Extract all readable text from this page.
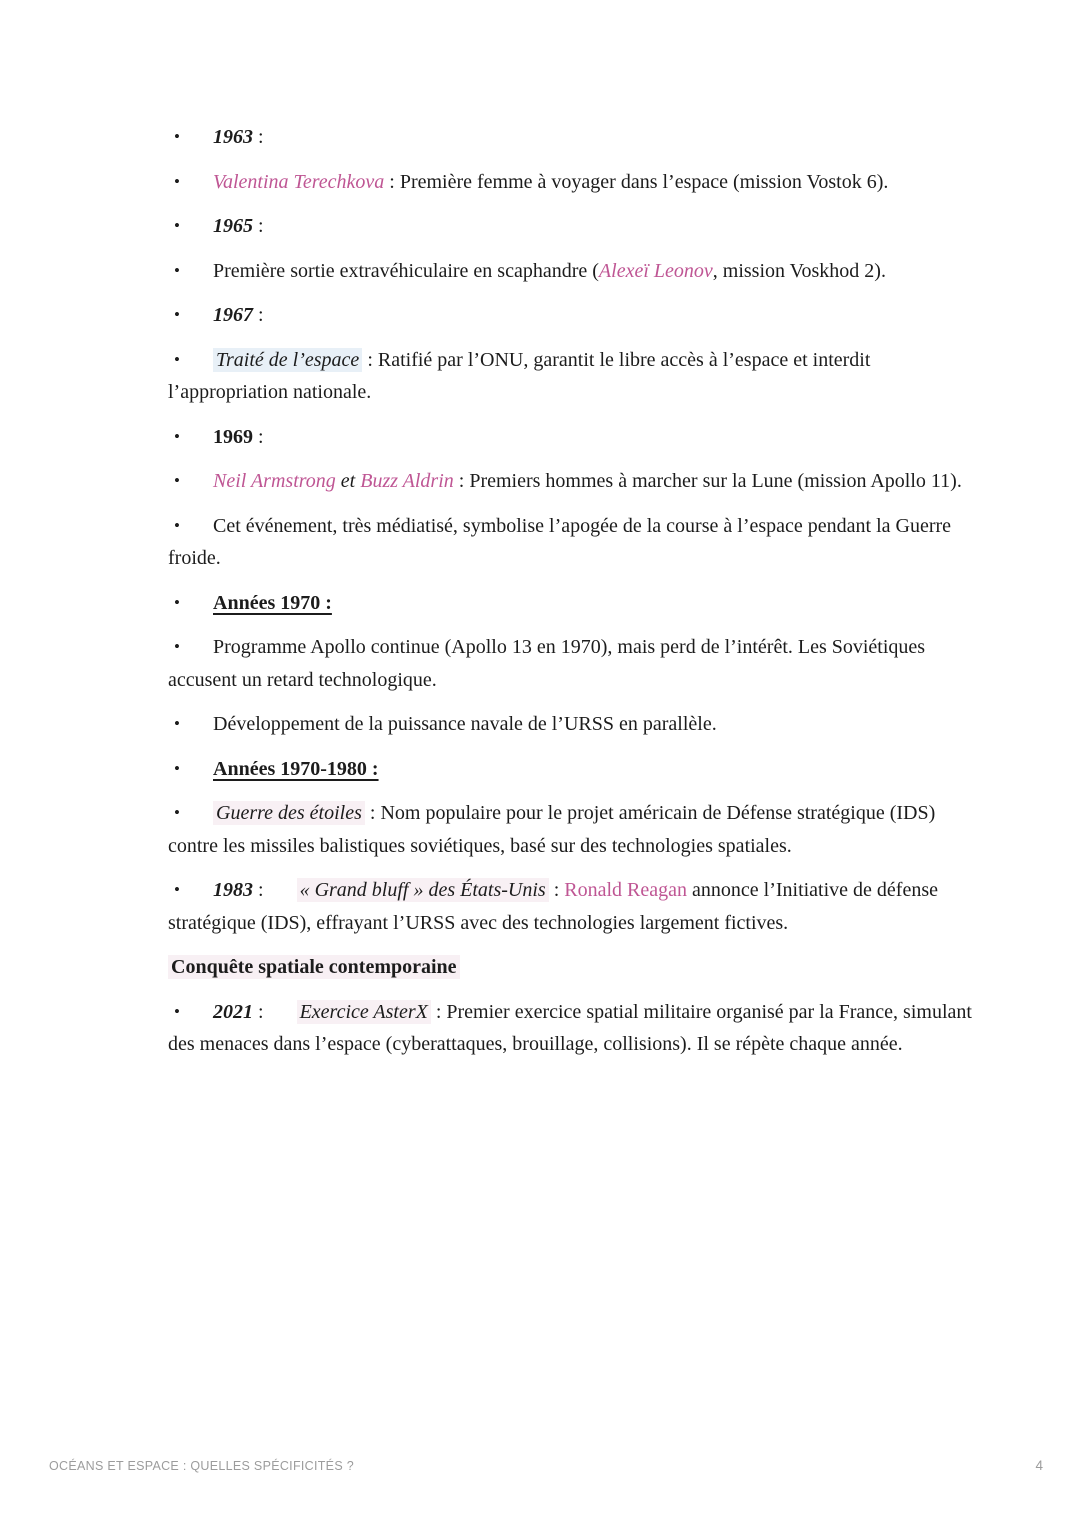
• 1963 :

• Valentina Terechkova : Première femme à voyager dans l’espace (mission Vostok 6).

• 1965 :

• Première sortie extravéhiculaire en scaphandre (Alexeï Leonov, mission Voskhod 2).

• 1967 :

• Traité de l’espace : Ratifié par l’ONU, garantit le libre accès à l’espace et interdit l’appropriation nationale.

• 1969 :

• Neil Armstrong et Buzz Aldrin : Premiers hommes à marcher sur la Lune (mission Apollo 11).

• Cet événement, très médiatisé, symbolise l’apogée de la course à l’espace pendant la Guerre froide.

• Années 1970 :

• Programme Apollo continue (Apollo 13 en 1970), mais perd de l’intérêt. Les Soviétiques accusent un retard technologique.

• Développement de la puissance navale de l’URSS en parallèle.

• Années 1970-1980 :

• Guerre des étoiles : Nom populaire pour le projet américain de Défense stratégique (IDS) contre les missiles balistiques soviétiques, basé sur des technologies spatiales.

• 1983 : « Grand bluff » des États-Unis : Ronald Reagan annonce l’Initiative de défense stratégique (IDS), effrayant l’URSS avec des technologies largement fictives.

Conquête spatiale contemporaine

• 2021 : Exercice AsterX : Premier exercice spatial militaire organisé par la France, simulant des menaces dans l’espace (cyberattaques, brouillage, collisions). Il se répète chaque année.

OCÉANS ET ESPACE : QUELLES SPÉCIFICITÉS ?	4
